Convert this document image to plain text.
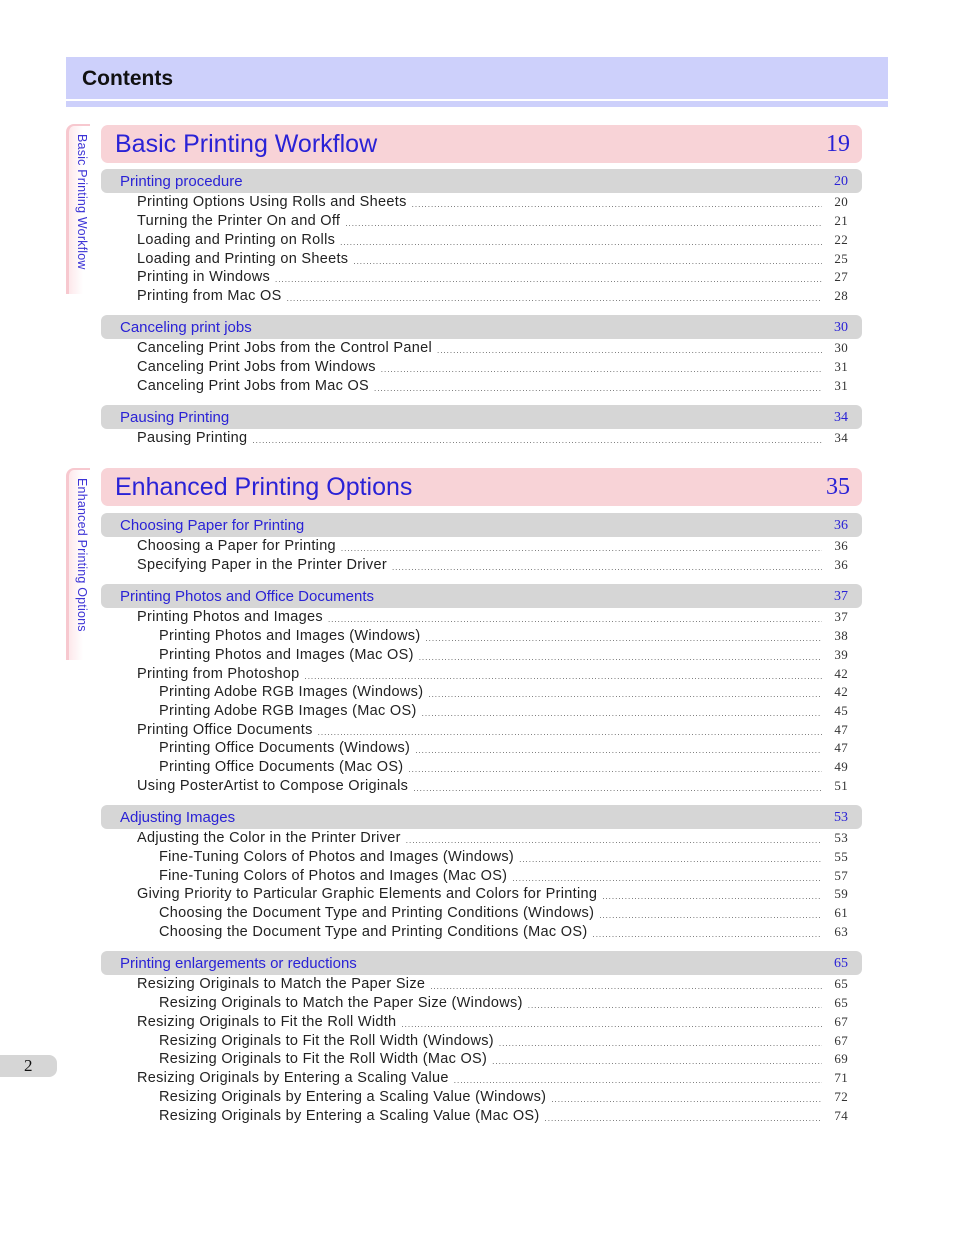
Contents
Basic Printing Workflow
Enhanced Printing Options
Basic Printing Workflow	19
Printing procedure	20
Printing Options Using Rolls and Sheets .....	20
Turning the Printer On and Off .....	21
Loading and Printing on Rolls .....	22
Loading and Printing on Sheets .....	25
Printing in Windows .....	27
Printing from Mac OS .....	28
Canceling print jobs	30
Canceling Print Jobs from the Control Panel .....	30
Canceling Print Jobs from Windows .....	31
Canceling Print Jobs from Mac OS .....	31
Pausing Printing	34
Pausing Printing .....	34
Enhanced Printing Options	35
Choosing Paper for Printing	36
Choosing a Paper for Printing .....	36
Specifying Paper in the Printer Driver .....	36
Printing Photos and Office Documents	37
Printing Photos and Images .....	37
Printing Photos and Images (Windows) .....	38
Printing Photos and Images (Mac OS) .....	39
Printing from Photoshop .....	42
Printing Adobe RGB Images (Windows) .....	42
Printing Adobe RGB Images (Mac OS) .....	45
Printing Office Documents .....	47
Printing Office Documents (Windows) .....	47
Printing Office Documents (Mac OS) .....	49
Using PosterArtist to Compose Originals .....	51
Adjusting Images	53
Adjusting the Color in the Printer Driver .....	53
Fine-Tuning Colors of Photos and Images (Windows) .....	55
Fine-Tuning Colors of Photos and Images (Mac OS) .....	57
Giving Priority to Particular Graphic Elements and Colors for Printing .....	59
Choosing the Document Type and Printing Conditions (Windows) .....	61
Choosing the Document Type and Printing Conditions (Mac OS) .....	63
Printing enlargements or reductions	65
Resizing Originals to Match the Paper Size .....	65
Resizing Originals to Match the Paper Size (Windows) .....	65
Resizing Originals to Fit the Roll Width .....	67
Resizing Originals to Fit the Roll Width (Windows) .....	67
Resizing Originals to Fit the Roll Width (Mac OS) .....	69
Resizing Originals by Entering a Scaling Value .....	71
Resizing Originals by Entering a Scaling Value (Windows) .....	72
Resizing Originals by Entering a Scaling Value (Mac OS) .....	74
2
